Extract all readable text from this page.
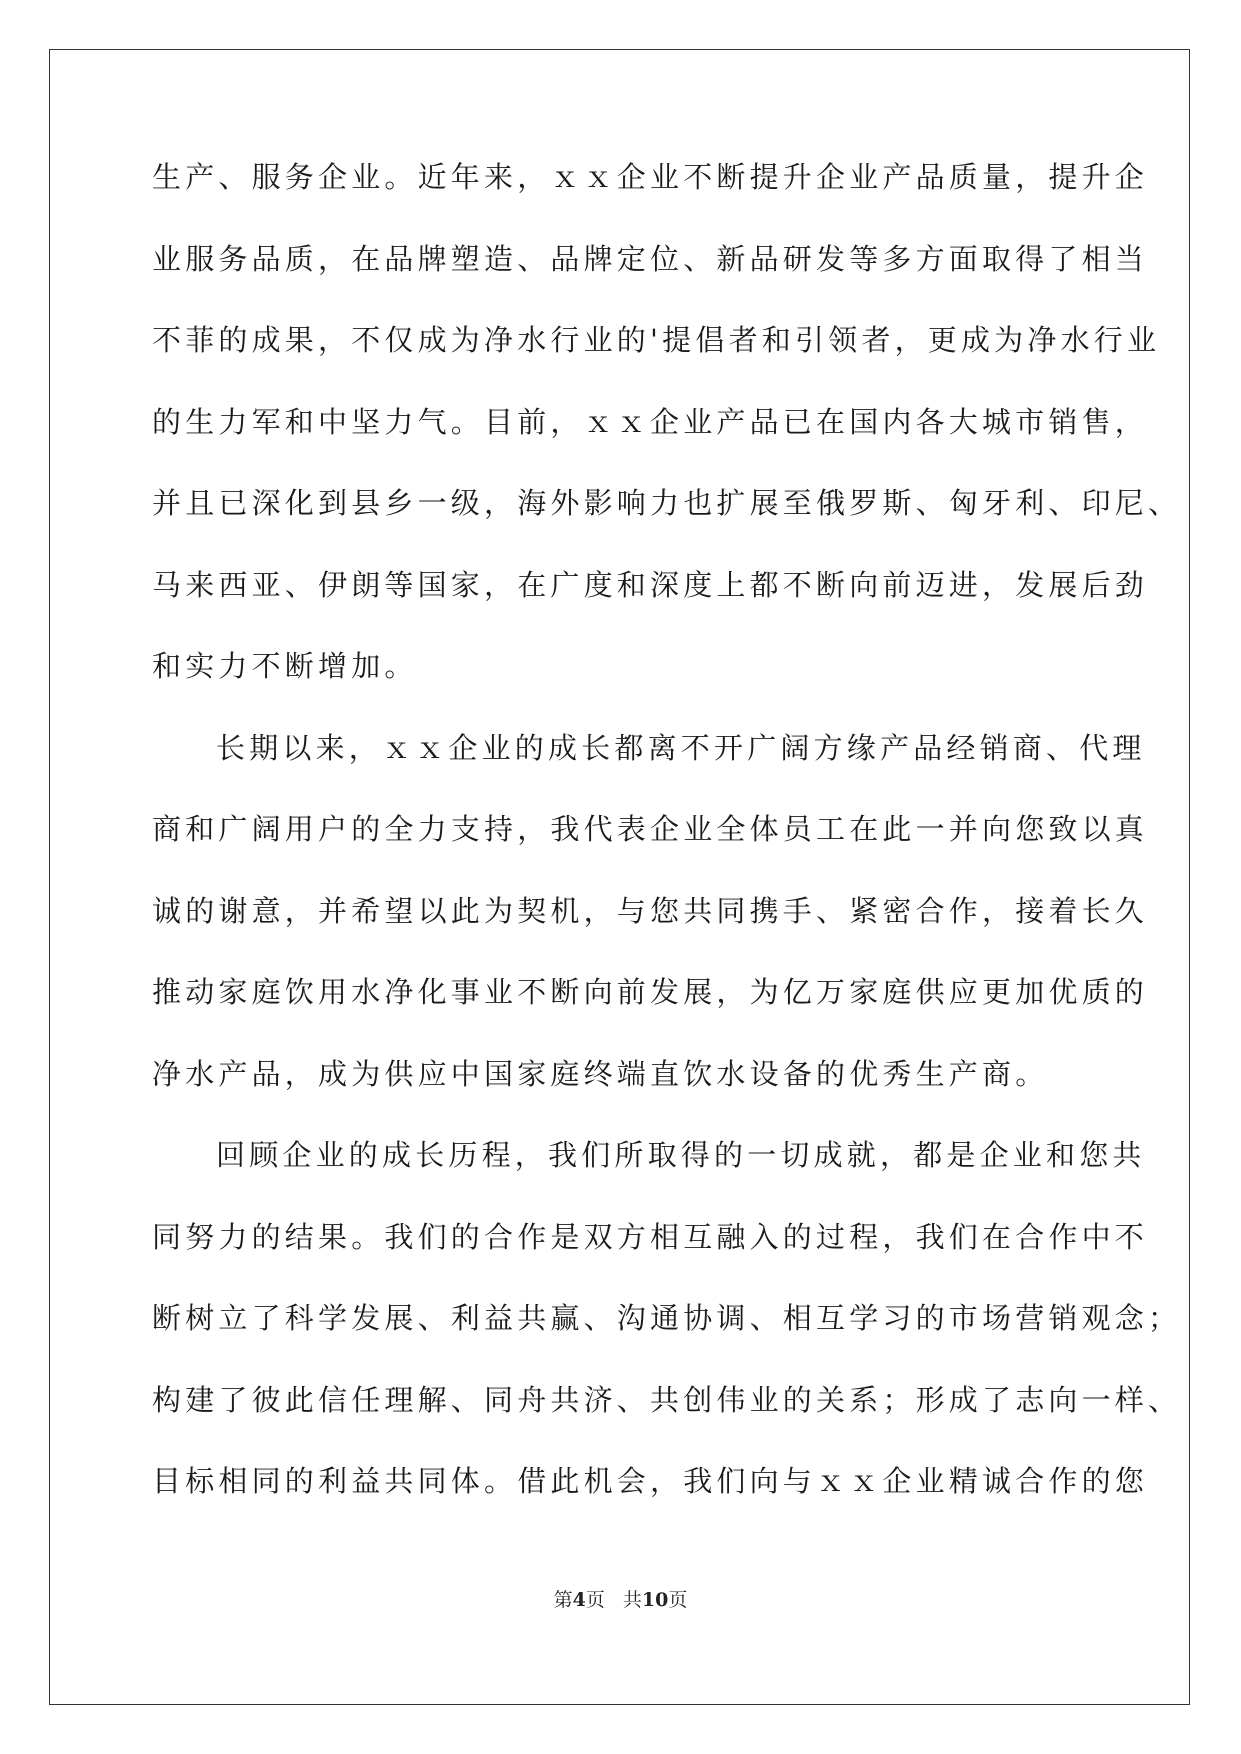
生产、服务企业。近年来，ｘｘ企业不断提升企业产品质量，提升企

业服务品质，在品牌塑造、品牌定位、新品研发等多方面取得了相当

不菲的成果，不仅成为净水行业的'提倡者和引领者，更成为净水行业

的生力军和中坚力气。目前，ｘｘ企业产品已在国内各大城市销售，

并且已深化到县乡一级，海外影响力也扩展至俄罗斯、匈牙利、印尼、

马来西亚、伊朗等国家，在广度和深度上都不断向前迈进，发展后劲

和实力不断增加。

长期以来，ｘｘ企业的成长都离不开广阔方缘产品经销商、代理

商和广阔用户的全力支持，我代表企业全体员工在此一并向您致以真

诚的谢意，并希望以此为契机，与您共同携手、紧密合作，接着长久

推动家庭饮用水净化事业不断向前发展，为亿万家庭供应更加优质的

净水产品，成为供应中国家庭终端直饮水设备的优秀生产商。

回顾企业的成长历程，我们所取得的一切成就，都是企业和您共

同努力的结果。我们的合作是双方相互融入的过程，我们在合作中不

断树立了科学发展、利益共赢、沟通协调、相互学习的市场营销观念；

构建了彼此信任理解、同舟共济、共创伟业的关系；形成了志向一样、

目标相同的利益共同体。借此机会，我们向与ｘｘ企业精诚合作的您

第4页 共10页
